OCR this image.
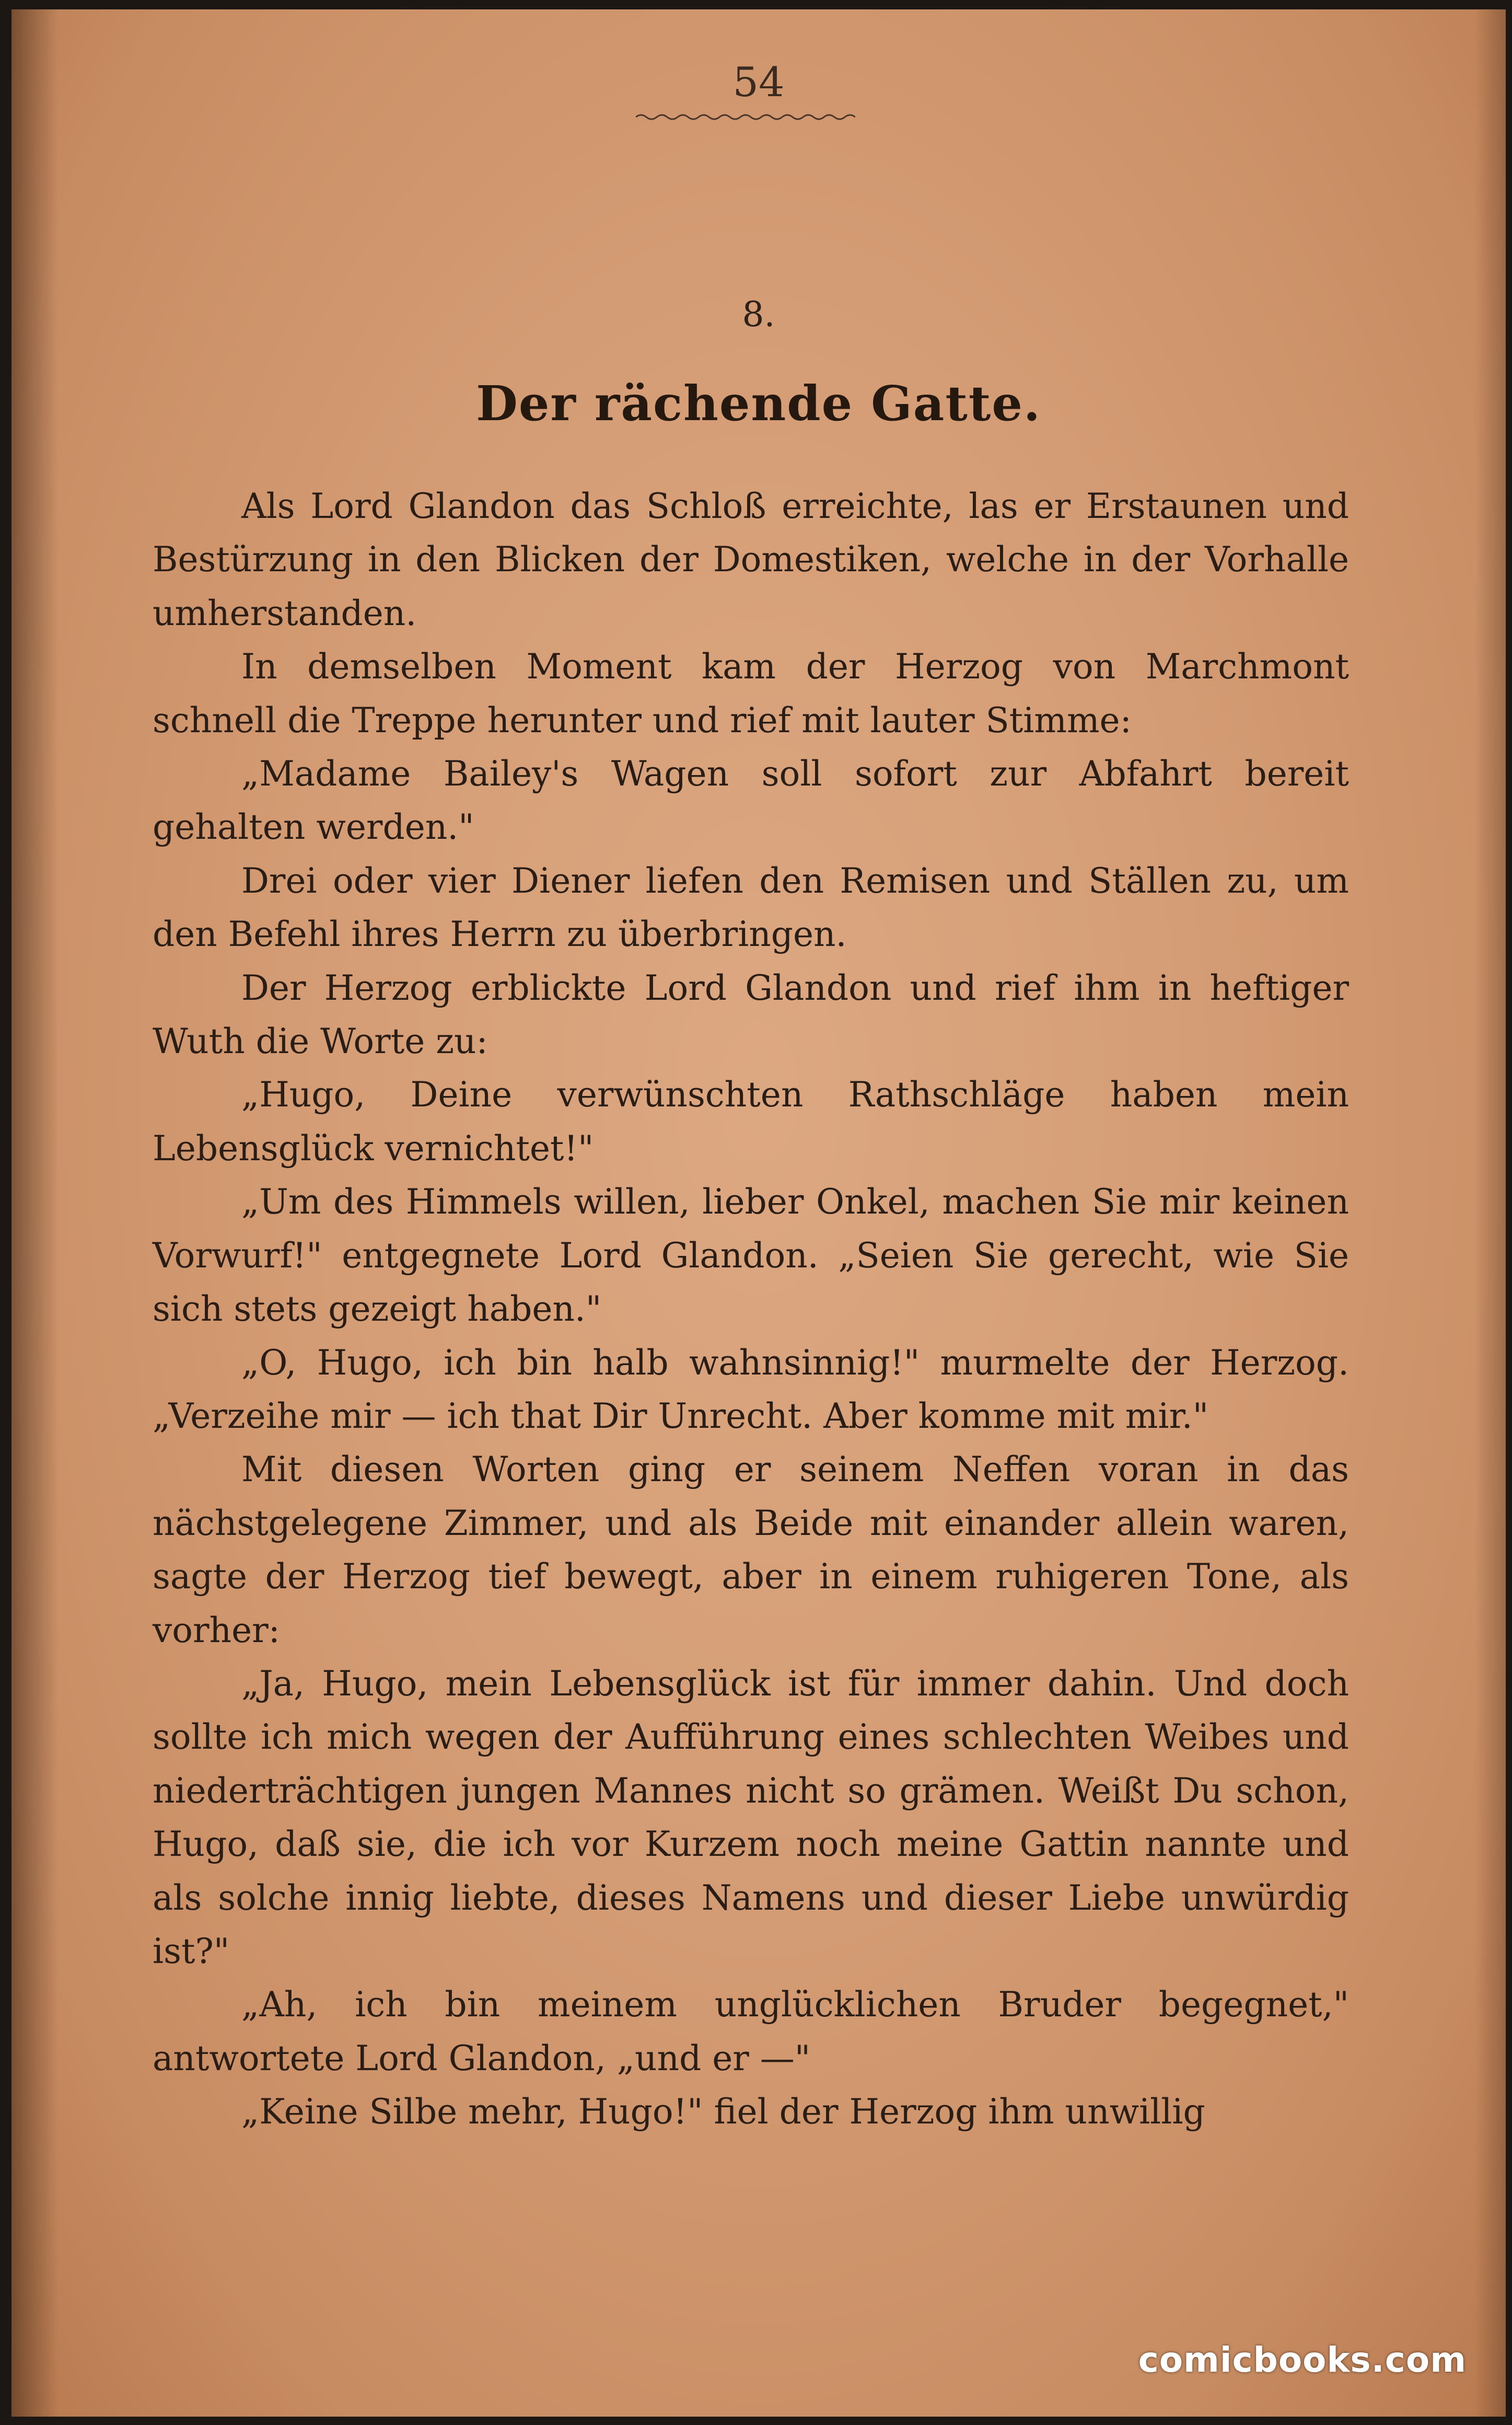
54
8.
Der rächende Gatte.

Als Lord Glandon das Schloß erreichte, las er Erstaunen und Bestürzung in den Blicken der Domestiken, welche in der Vorhalle umherstanden.

In demselben Moment kam der Herzog von Marchmont schnell die Treppe herunter und rief mit lauter Stimme:

„Madame Bailey's Wagen soll sofort zur Abfahrt bereit gehalten werden."

Drei oder vier Diener liefen den Remisen und Ställen zu, um den Befehl ihres Herrn zu überbringen.

Der Herzog erblickte Lord Glandon und rief ihm in heftiger Wuth die Worte zu:

„Hugo, Deine verwünschten Rathschläge haben mein Lebensglück vernichtet!"

„Um des Himmels willen, lieber Onkel, machen Sie mir keinen Vorwurf!" entgegnete Lord Glandon. „Seien Sie gerecht, wie Sie sich stets gezeigt haben."

„O, Hugo, ich bin halb wahnsinnig!" murmelte der Herzog. „Verzeihe mir — ich that Dir Unrecht. Aber komme mit mir."

Mit diesen Worten ging er seinem Neffen voran in das nächstgelegene Zimmer, und als Beide mit einander allein waren, sagte der Herzog tief bewegt, aber in einem ruhigeren Tone, als vorher:

„Ja, Hugo, mein Lebensglück ist für immer dahin. Und doch sollte ich mich wegen der Aufführung eines schlechten Weibes und niederträchtigen jungen Mannes nicht so grämen. Weißt Du schon, Hugo, daß sie, die ich vor Kurzem noch meine Gattin nannte und als solche innig liebte, dieses Namens und dieser Liebe unwürdig ist?"

„Ah, ich bin meinem unglücklichen Bruder begegnet," antwortete Lord Glandon, „und er —"

„Keine Silbe mehr, Hugo!" fiel der Herzog ihm unwillig

comicbooks.com
